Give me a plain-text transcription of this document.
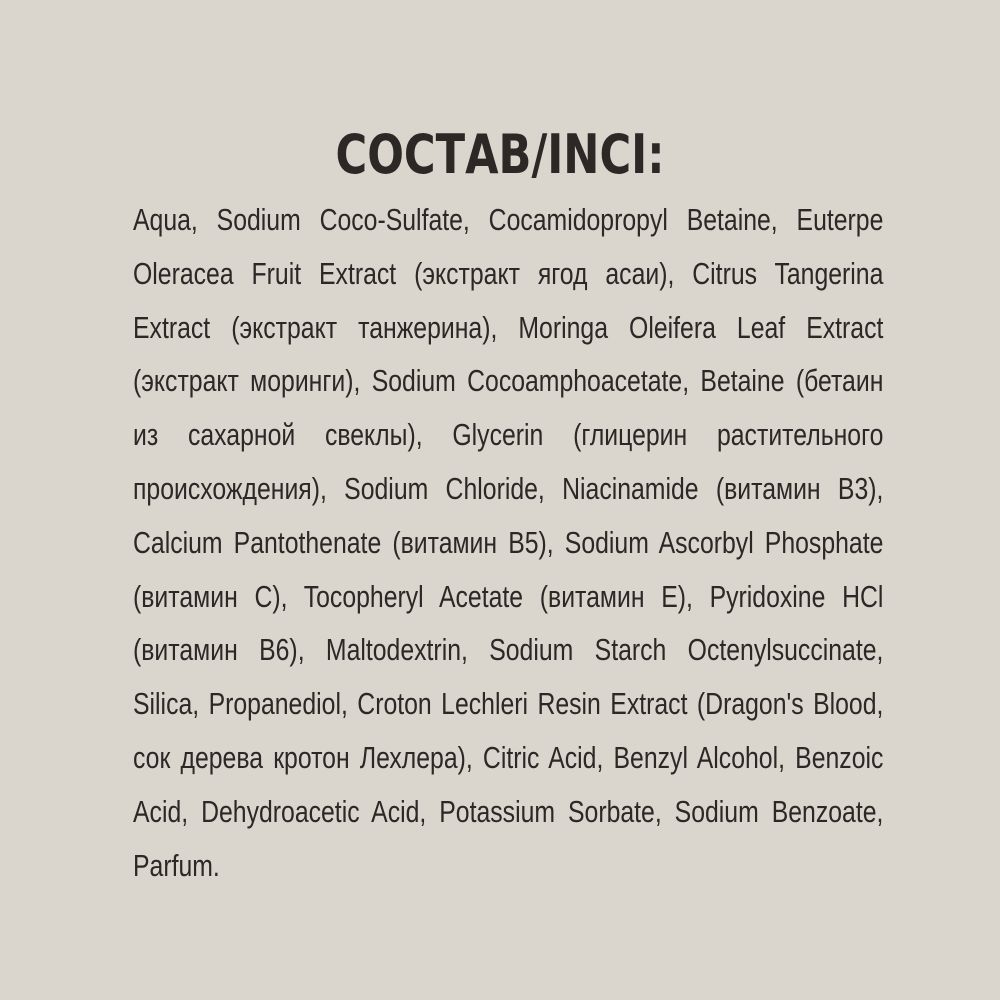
СОСТАВ/INCI:

Aqua, Sodium Coco-Sulfate, Cocamidopropyl Betaine, Euterpe Oleracea Fruit Extract (экстракт ягод асаи), Citrus Tangerina Extract (экстракт танжерина), Moringa Oleifera Leaf Extract (экстракт моринги), Sodium Cocoamphoacetate, Betaine (бетаин из сахарной свеклы), Glycerin (глицерин растительного происхождения), Sodium Chloride, Niacinamide (витамин B3), Calcium Pantothenate (витамин B5), Sodium Ascorbyl Phosphate (витамин C), Tocopheryl Acetate (витамин E), Pyridoxine HCl (витамин B6), Maltodextrin, Sodium Starch Octenylsuccinate, Silica, Propanediol, Croton Lechleri Resin Extract (Dragon's Blood, сок дерева кротон Лехлера), Citric Acid, Benzyl Alcohol, Benzoic Acid, Dehydroacetic Acid, Potassium Sorbate, Sodium Benzoate, Parfum.
